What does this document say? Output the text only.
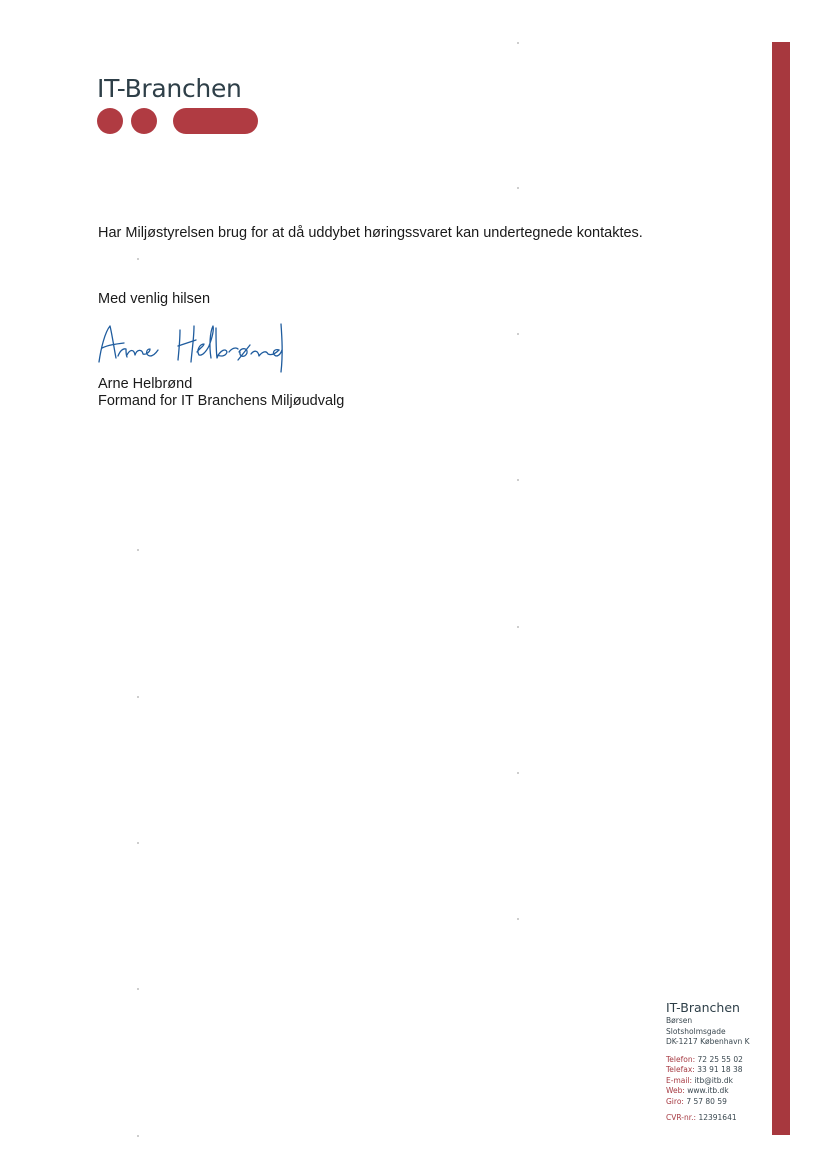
IT-Branchen
Har Miljøstyrelsen brug for at då uddybet høringssvaret kan undertegnede kontaktes.
Med venlig hilsen
Arne Helbrønd
Formand for IT Branchens Miljøudvalg
IT-Branchen
Børsen
Slotsholmsgade
DK-1217 København K
Telefon: 72 25 55 02
Telefax: 33 91 18 38
E-mail: itb@itb.dk
Web: www.itb.dk
Giro: 7 57 80 59
CVR-nr.: 12391641
